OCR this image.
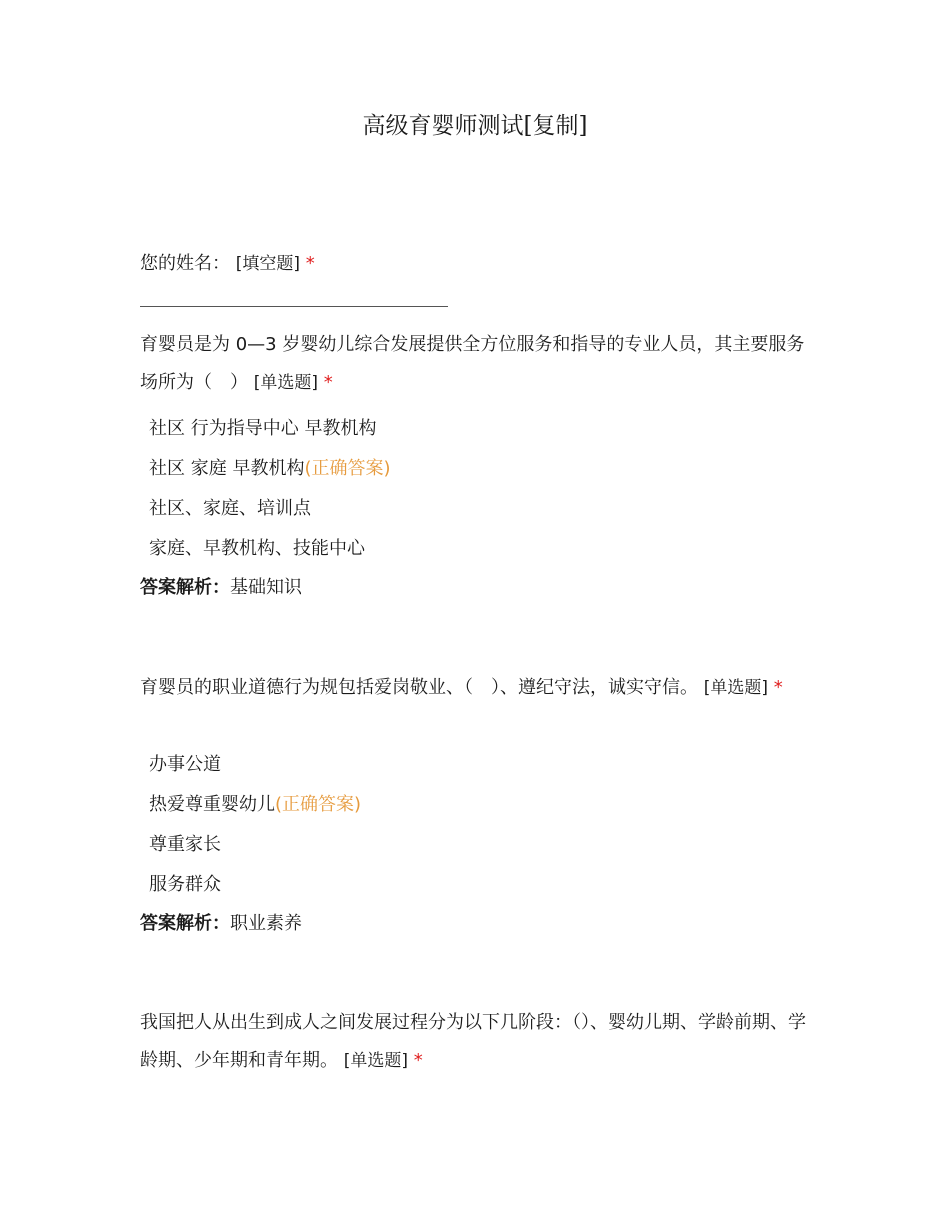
高级育婴师测试[复制]
您的姓名： [填空题] *
育婴员是为 0—3 岁婴幼儿综合发展提供全方位服务和指导的专业人员，其主要服务场所为（　） [单选题] *
社区 行为指导中心 早教机构
社区 家庭 早教机构(正确答案)
社区、家庭、培训点
家庭、早教机构、技能中心
答案解析：基础知识
育婴员的职业道德行为规包括爱岗敬业、（　）、遵纪守法，诚实守信。 [单选题] *
办事公道
热爱尊重婴幼儿(正确答案)
尊重家长
服务群众
答案解析：职业素养
我国把人从出生到成人之间发展过程分为以下几阶段：（）、婴幼儿期、学龄前期、学龄期、少年期和青年期。 [单选题] *
